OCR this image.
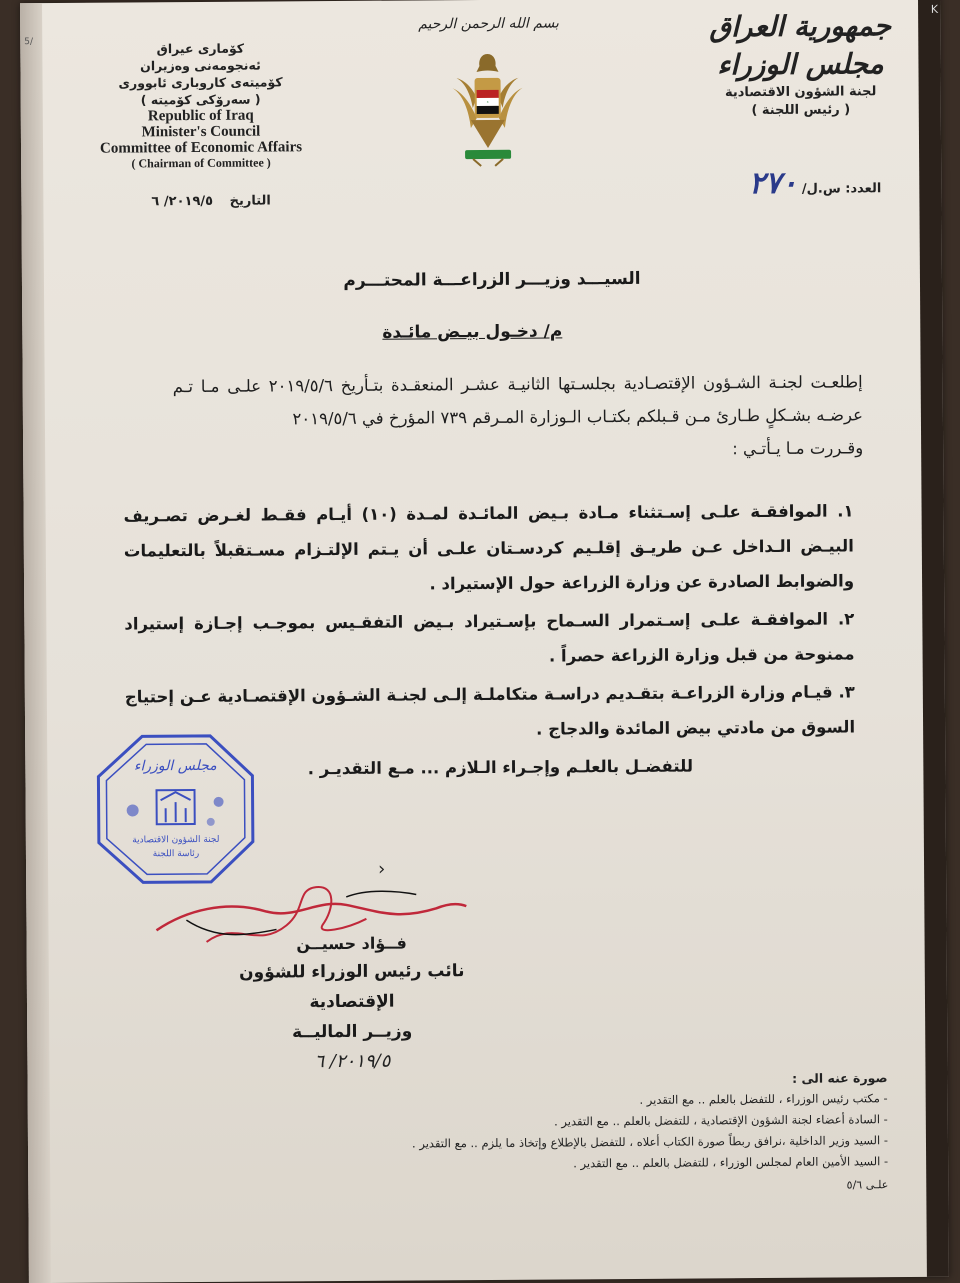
5/
K
کۆماری عیراق
ئەنجومەنی وەزیران
کۆمیتەی کاروباری ئابووری
( سەرۆکی کۆمیتە )
Republic of Iraq
Minister's Council
Committee of Economic Affairs
( Chairman of Committee )
التاريخ ٢٠١٩/٥/ ٦
بسم الله الرحمن الرحيم
*
جمهورية العراق
مجلس الوزراء
لجنة الشؤون الاقتصادية
( رئيس اللجنة )
العدد: س.ل/ ٢٧٠
السيـــد وزيـــر الزراعـــة المحتـــرم
م/ دخـول بيـض مائـدة
إطلعـت لجنـة الشـؤون الإقتصـادية بجلسـتها الثانيـة عشـر المنعقـدة بتـأريخ ٢٠١٩/٥/٦ علـى مـا تـم عرضـه بشـكلٍ طـارئ مـن قـبلكم بكتـاب الـوزارة المـرقم ٧٣٩ المؤرخ في ٢٠١٩/٥/٦
وقـررت مـا يـأتـي :
١. الموافقـة علـى إسـتثناء مـادة بـيض المائـدة لمـدة (١٠) أيـام فقـط لغـرض تصـريف البيـض الـداخل عـن طريـق إقلـيم كردسـتان علـى أن يـتم الإلتـزام مسـتقبلاً بالتعليمات والضوابط الصادرة عن وزارة الزراعة حول الإستيراد .
٢. الموافقـة علـى إسـتمرار السـماح بإسـتيراد بـيض التفقـيس بموجـب إجـازة إستيراد ممنوحة من قبل وزارة الزراعة حصراً .
٣. قيـام وزارة الزراعـة بتقـديم دراسـة متكاملـة إلـى لجنـة الشـؤون الإقتصـادية عـن إحتياج السوق من مادتي بيض المائدة والدجاج .
للتفضـل بالعلـم وإجـراء الـلازم ... مـع التقديـر .
مجلس الوزراء
لجنة الشؤون الاقتصادية
رئاسة اللجنة
›
فــؤاد حسيــن
نائب رئيس الوزراء للشؤون الإقتصادية
وزيــر الماليــة
٢٠١٩/٥/ ٦
صورة عنه الى :
- مكتب رئيس الوزراء ، للتفضل بالعلم .. مع التقدير .
- السادة أعضاء لجنة الشؤون الإقتصادية ، للتفضل بالعلم .. مع التقدير .
- السيد وزير الداخلية ،نرافق ربطاً صورة الكتاب أعلاه ، للتفضل بالإطلاع وإتخاذ ما يلزم .. مع التقدير .
- السيد الأمين العام لمجلس الوزراء ، للتفضل بالعلم .. مع التقدير .
علـى ٥/٦
